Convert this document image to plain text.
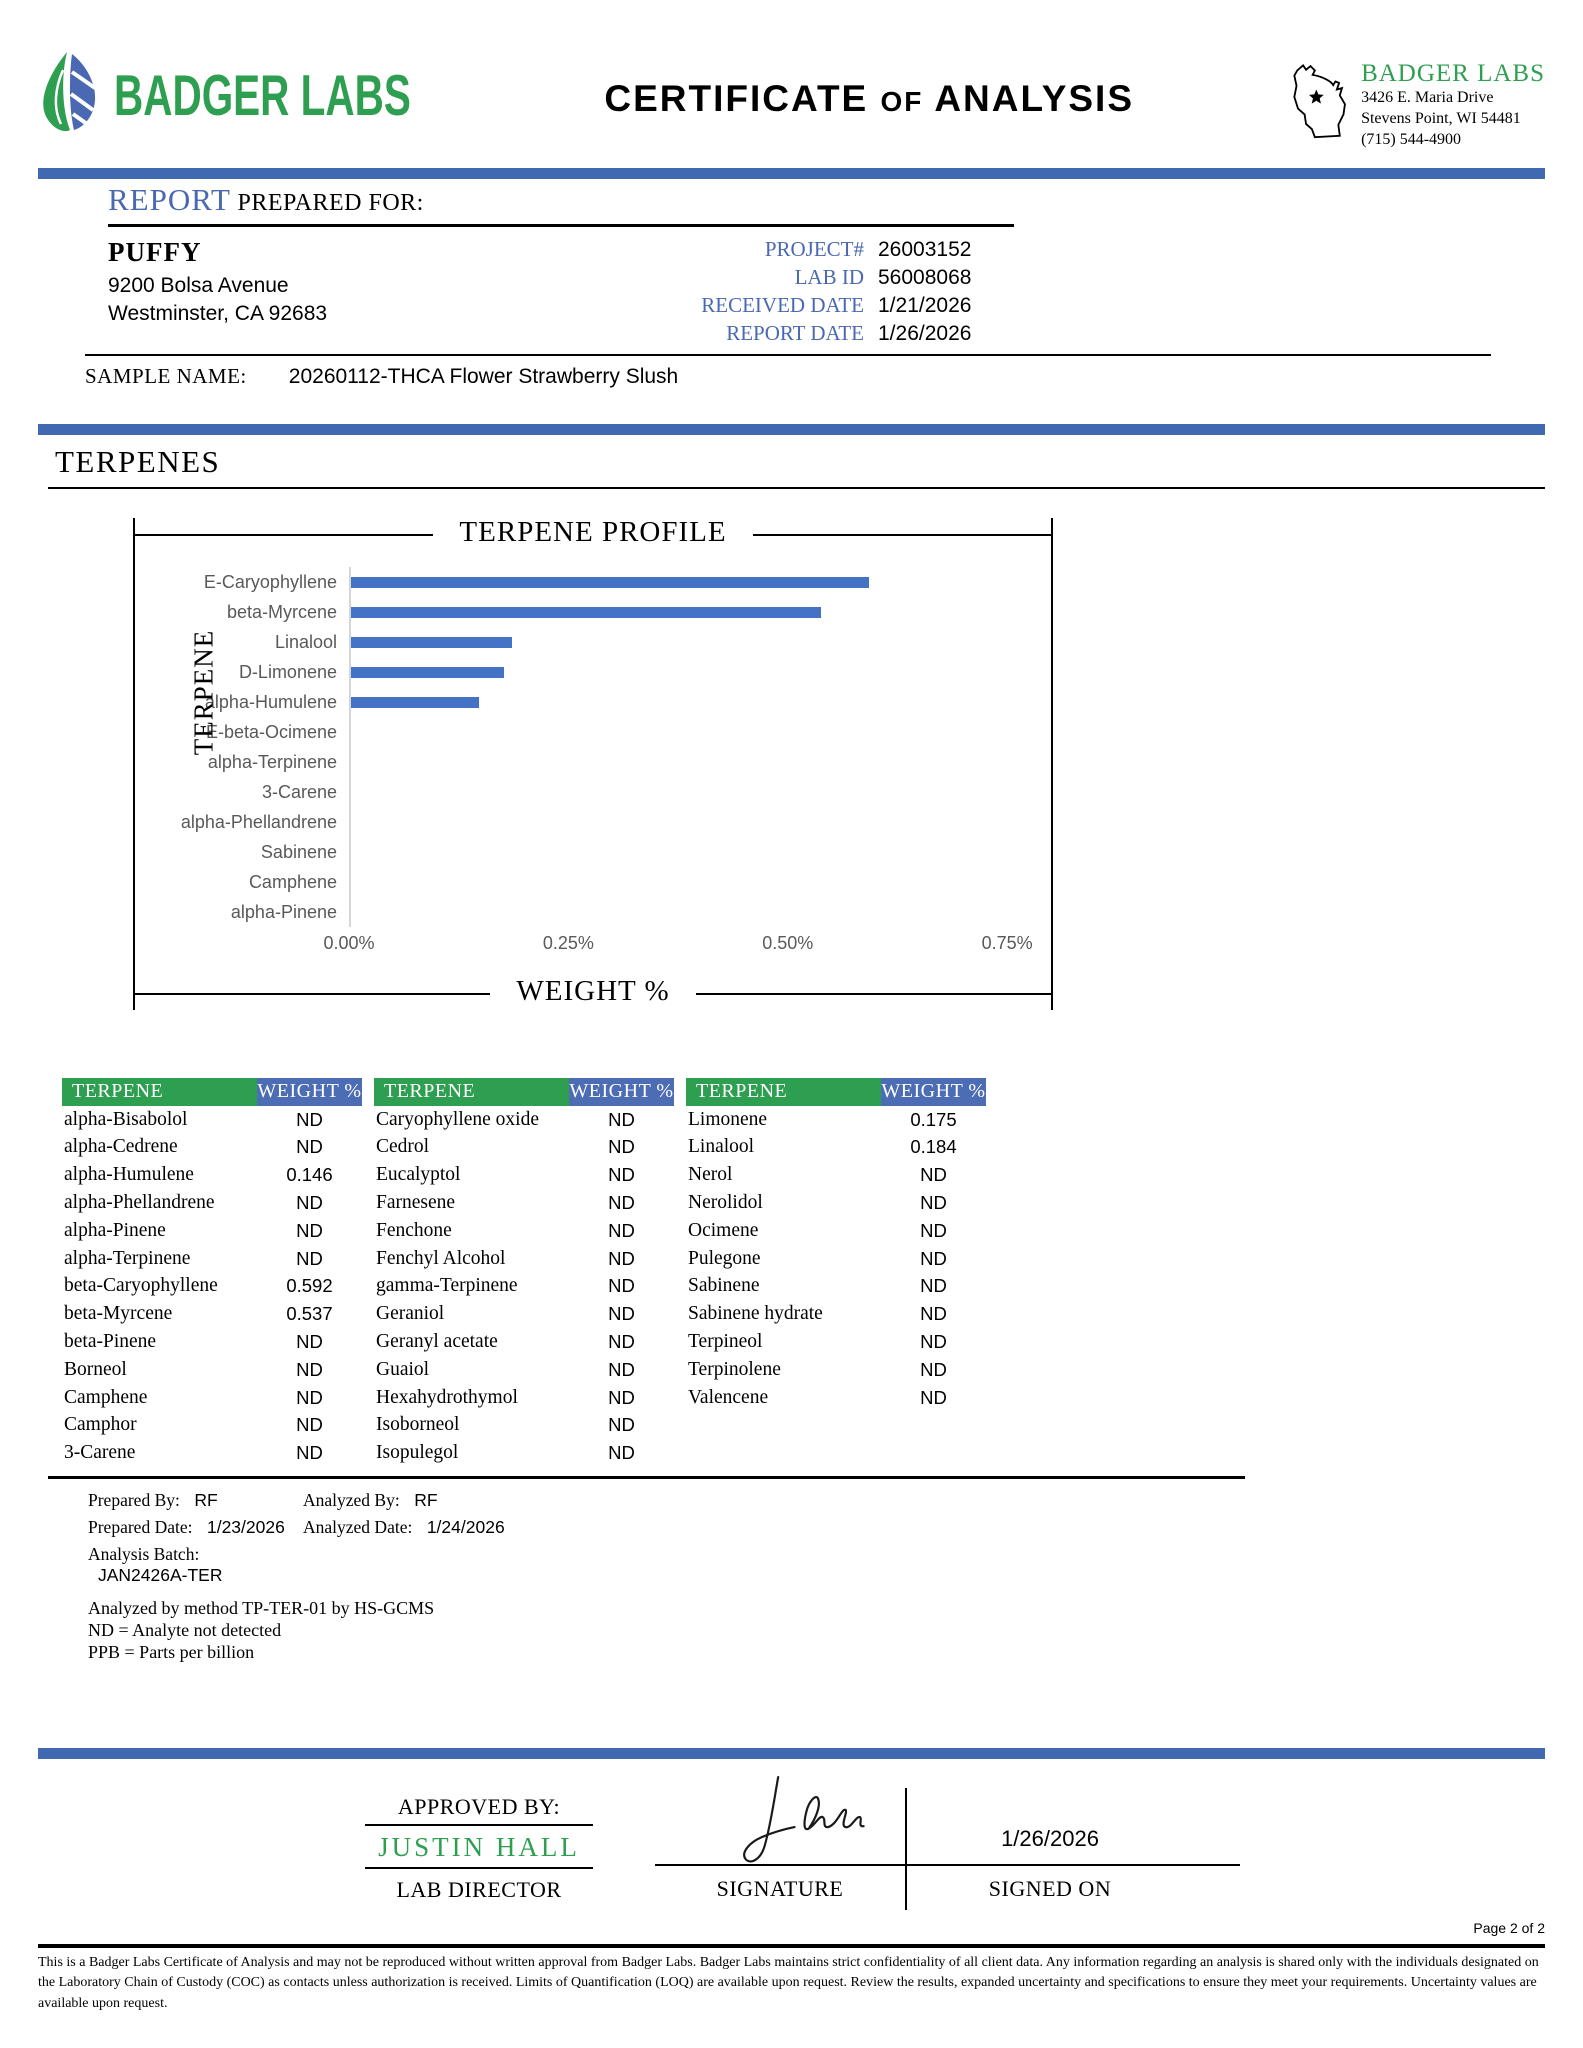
BADGER LABS	CERTIFICATE OF ANALYSIS
BADGER LABS
3426 E. Maria Drive
Stevens Point, WI 54481
(715) 544-4900
REPORT PREPARED FOR:
PUFFY
9200 Bolsa Avenue
Westminster, CA 92683
PROJECT# 26003152
LAB ID 56008068
RECEIVED DATE 1/21/2026
REPORT DATE 1/26/2026
SAMPLE NAME: 20260112-THCA Flower Strawberry Slush
TERPENES
TERPENE PROFILE
TERPENE
E-Caryophyllene
beta-Myrcene
Linalool
D-Limonene
alpha-Humulene
E-beta-Ocimene
alpha-Terpinene
3-Carene
alpha-Phellandrene
Sabinene
Camphene
alpha-Pinene
0.00%	0.25%	0.50%	0.75%
WEIGHT %
TERPENE	WEIGHT %
alpha-Bisabolol	ND
alpha-Cedrene	ND
alpha-Humulene	0.146
alpha-Phellandrene	ND
alpha-Pinene	ND
alpha-Terpinene	ND
beta-Caryophyllene	0.592
beta-Myrcene	0.537
beta-Pinene	ND
Borneol	ND
Camphene	ND
Camphor	ND
3-Carene	ND
TERPENE	WEIGHT %
Caryophyllene oxide	ND
Cedrol	ND
Eucalyptol	ND
Farnesene	ND
Fenchone	ND
Fenchyl Alcohol	ND
gamma-Terpinene	ND
Geraniol	ND
Geranyl acetate	ND
Guaiol	ND
Hexahydrothymol	ND
Isoborneol	ND
Isopulegol	ND
TERPENE	WEIGHT %
Limonene	0.175
Linalool	0.184
Nerol	ND
Nerolidol	ND
Ocimene	ND
Pulegone	ND
Sabinene	ND
Sabinene hydrate	ND
Terpineol	ND
Terpinolene	ND
Valencene	ND
Prepared By: RF	Analyzed By: RF
Prepared Date: 1/23/2026	Analyzed Date: 1/24/2026
Analysis Batch: JAN2426A-TER
Analyzed by method TP-TER-01 by HS-GCMS
ND = Analyte not detected
PPB = Parts per billion
APPROVED BY:
JUSTIN HALL
LAB DIRECTOR	SIGNATURE
1/26/2026
SIGNED ON
Page 2 of 2
This is a Badger Labs Certificate of Analysis and may not be reproduced without written approval from Badger Labs. Badger Labs maintains strict confidentiality of all client data. Any information regarding an analysis is shared only with the individuals designated on the Laboratory Chain of Custody (COC) as contacts unless authorization is received. Limits of Quantification (LOQ) are available upon request. Review the results, expanded uncertainty and specifications to ensure they meet your requirements. Uncertainty values are available upon request.
